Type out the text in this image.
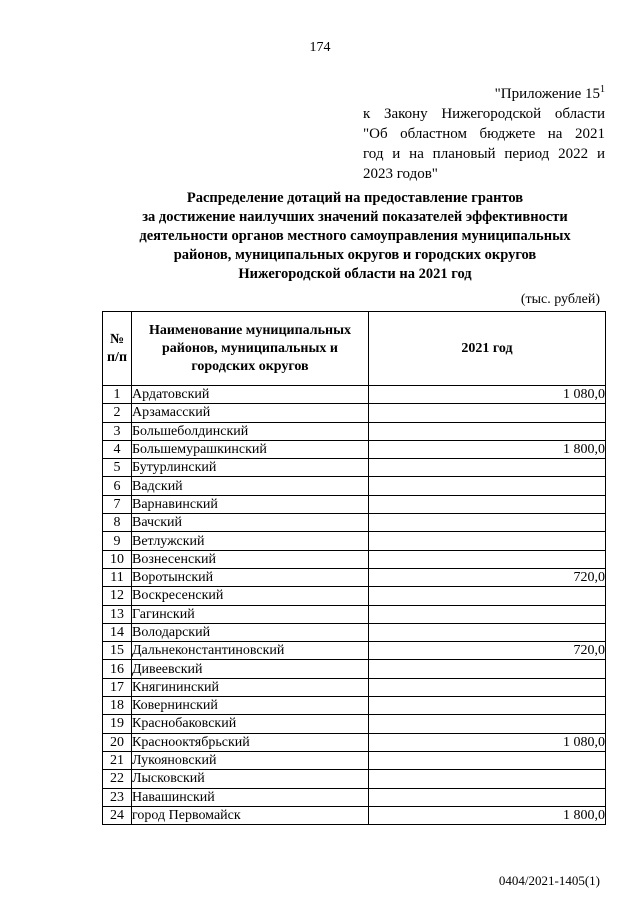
174
"Приложение $15^1$
к Закону Нижегородской области
"Об областном бюджете на 2021
год и на плановый период 2022 и
2023 годов"
Распределение дотаций на предоставление грантов
за достижение наилучших значений показателей эффективности
деятельности органов местного самоуправления муниципальных
районов, муниципальных округов и городских округов
Нижегородской области на 2021 год
(тыс. рублей)
№ п/п	Наименование муниципальных районов, муниципальных и городских округов	2021 год
1	Ардатовский	1 080,0
2	Арзамасский	
3	Большеболдинский	
4	Большемурашкинский	1 800,0
5	Бутурлинский	
6	Вадский	
7	Варнавинский	
8	Вачский	
9	Ветлужский	
10	Вознесенский	
11	Воротынский	720,0
12	Воскресенский	
13	Гагинский	
14	Володарский	
15	Дальнеконстантиновский	720,0
16	Дивеевский	
17	Княгининский	
18	Ковернинский	
19	Краснобаковский	
20	Краснооктябрьский	1 080,0
21	Лукояновский	
22	Лысковский	
23	Навашинский	
24	город Первомайск	1 800,0
0404/2021-1405(1)
